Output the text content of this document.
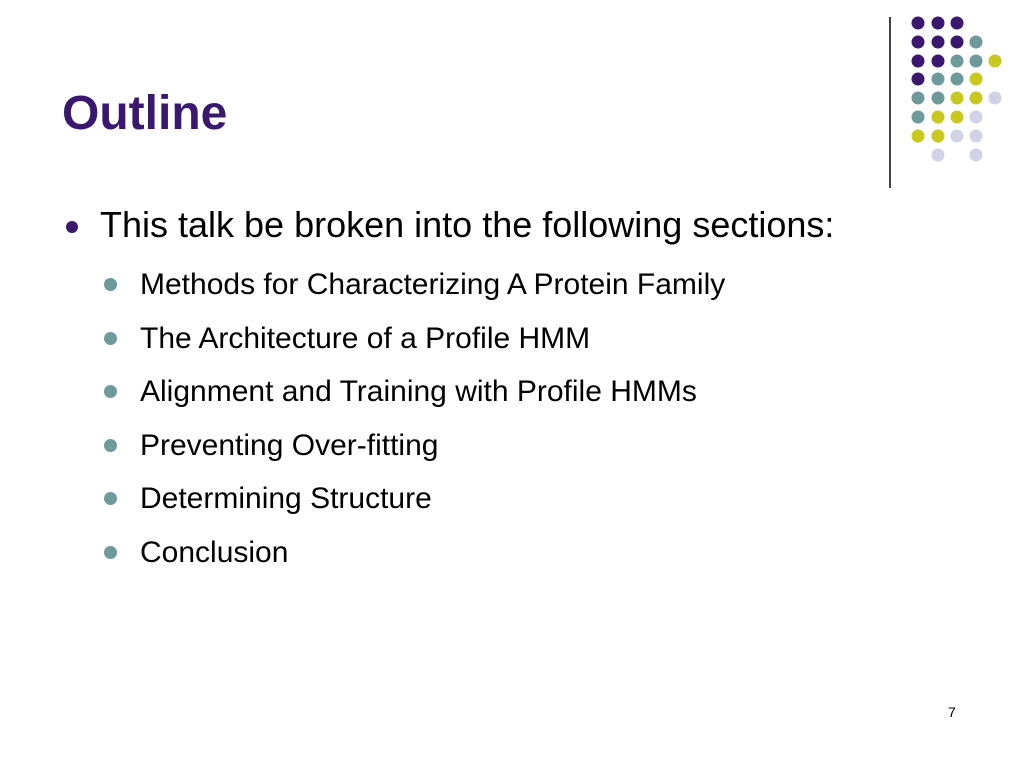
Outline
This talk be broken into the following sections:
Methods for Characterizing A Protein Family
The Architecture of a Profile HMM
Alignment and Training with Profile HMMs
Preventing Over-fitting
Determining Structure
Conclusion
7
